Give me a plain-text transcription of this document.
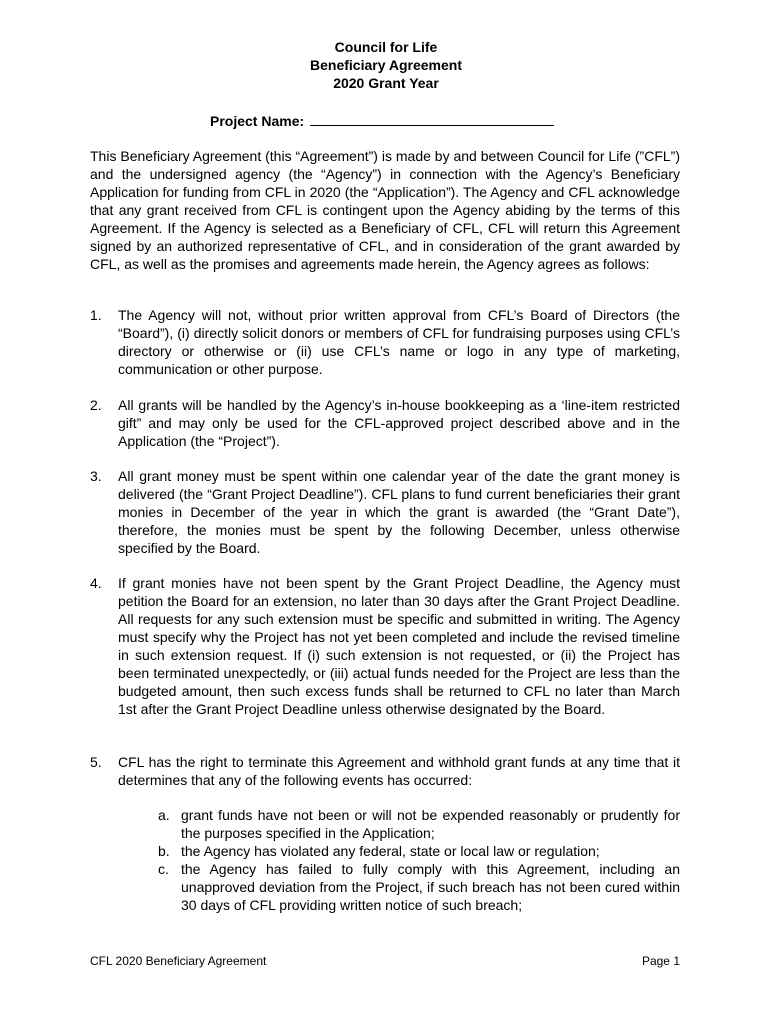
Council for Life
Beneficiary Agreement
2020 Grant Year
Project Name:
This Beneficiary Agreement (this “Agreement”) is made by and between Council for Life (”CFL”) and the undersigned agency (the “Agency”) in connection with the Agency’s Beneficiary Application for funding from CFL in 2020 (the “Application”). The Agency and CFL acknowledge that any grant received from CFL is contingent upon the Agency abiding by the terms of this Agreement. If the Agency is selected as a Beneficiary of CFL, CFL will return this Agreement signed by an authorized representative of CFL, and in consideration of the grant awarded by CFL, as well as the promises and agreements made herein, the Agency agrees as follows:
1. The Agency will not, without prior written approval from CFL’s Board of Directors (the “Board”), (i) directly solicit donors or members of CFL for fundraising purposes using CFL’s directory or otherwise or (ii) use CFL’s name or logo in any type of marketing, communication or other purpose.
2. All grants will be handled by the Agency’s in-house bookkeeping as a ‘line-item restricted gift” and may only be used for the CFL-approved project described above and in the Application (the “Project”).
3. All grant money must be spent within one calendar year of the date the grant money is delivered (the “Grant Project Deadline”). CFL plans to fund current beneficiaries their grant monies in December of the year in which the grant is awarded (the “Grant Date”), therefore, the monies must be spent by the following December, unless otherwise specified by the Board.
4. If grant monies have not been spent by the Grant Project Deadline, the Agency must petition the Board for an extension, no later than 30 days after the Grant Project Deadline. All requests for any such extension must be specific and submitted in writing. The Agency must specify why the Project has not yet been completed and include the revised timeline in such extension request. If (i) such extension is not requested, or (ii) the Project has been terminated unexpectedly, or (iii) actual funds needed for the Project are less than the budgeted amount, then such excess funds shall be returned to CFL no later than March 1st after the Grant Project Deadline unless otherwise designated by the Board.
5. CFL has the right to terminate this Agreement and withhold grant funds at any time that it determines that any of the following events has occurred:
a. grant funds have not been or will not be expended reasonably or prudently for the purposes specified in the Application;
b. the Agency has violated any federal, state or local law or regulation;
c. the Agency has failed to fully comply with this Agreement, including an unapproved deviation from the Project, if such breach has not been cured within 30 days of CFL providing written notice of such breach;
CFL 2020 Beneficiary Agreement	Page 1
